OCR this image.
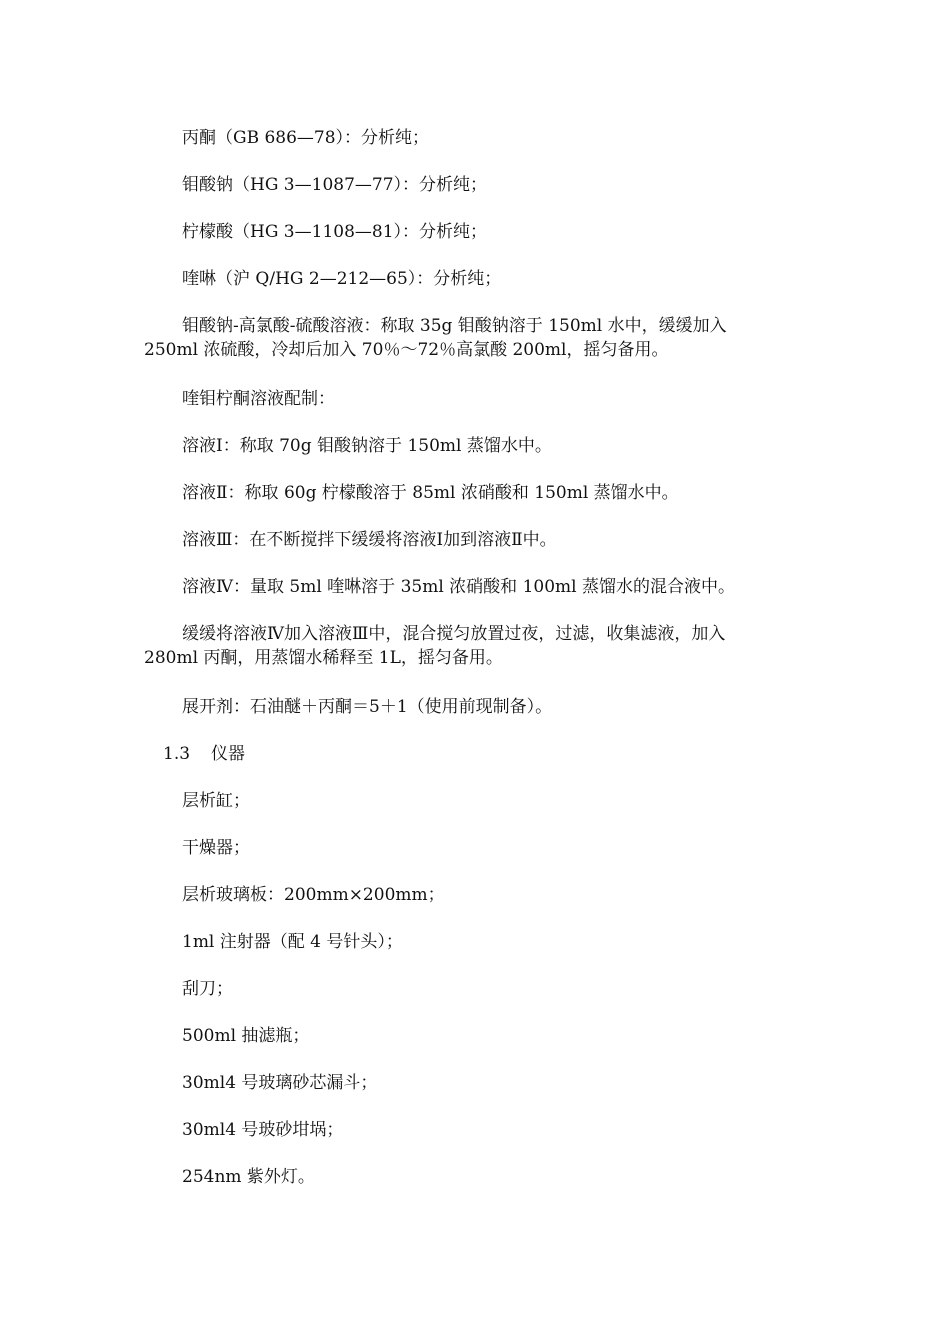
丙酮（GB 686—78）：分析纯；

钼酸钠（HG 3—1087—77）：分析纯；

柠檬酸（HG 3—1108—81）：分析纯；

喹啉（沪 Q/HG 2—212—65）：分析纯；

钼酸钠-高氯酸-硫酸溶液：称取 35g 钼酸钠溶于 150ml 水中，缓缓加入
250ml 浓硫酸，冷却后加入 70％～72％高氯酸 200ml，摇匀备用。

喹钼柠酮溶液配制：

溶液Ⅰ：称取 70g 钼酸钠溶于 150ml 蒸馏水中。

溶液Ⅱ：称取 60g 柠檬酸溶于 85ml 浓硝酸和 150ml 蒸馏水中。

溶液Ⅲ：在不断搅拌下缓缓将溶液Ⅰ加到溶液Ⅱ中。

溶液Ⅳ：量取 5ml 喹啉溶于 35ml 浓硝酸和 100ml 蒸馏水的混合液中。

缓缓将溶液Ⅳ加入溶液Ⅲ中，混合搅匀放置过夜，过滤，收集滤液，加入
280ml 丙酮，用蒸馏水稀释至 1L，摇匀备用。

展开剂：石油醚＋丙酮＝5＋1（使用前现制备）。

1.3 仪器

层析缸；

干燥器；

层析玻璃板：200mm×200mm；

1ml 注射器（配 4 号针头）；

刮刀；

500ml 抽滤瓶；

30ml4 号玻璃砂芯漏斗；

30ml4 号玻砂坩埚；

254nm 紫外灯。
